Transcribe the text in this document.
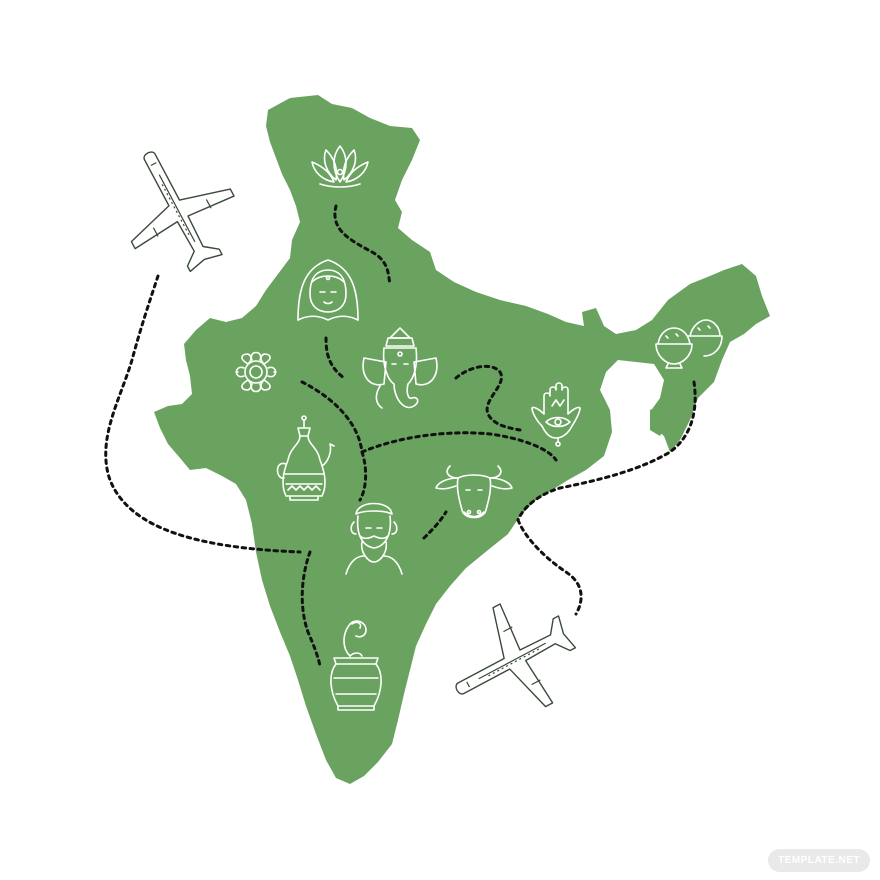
TEMPLATE.NET
